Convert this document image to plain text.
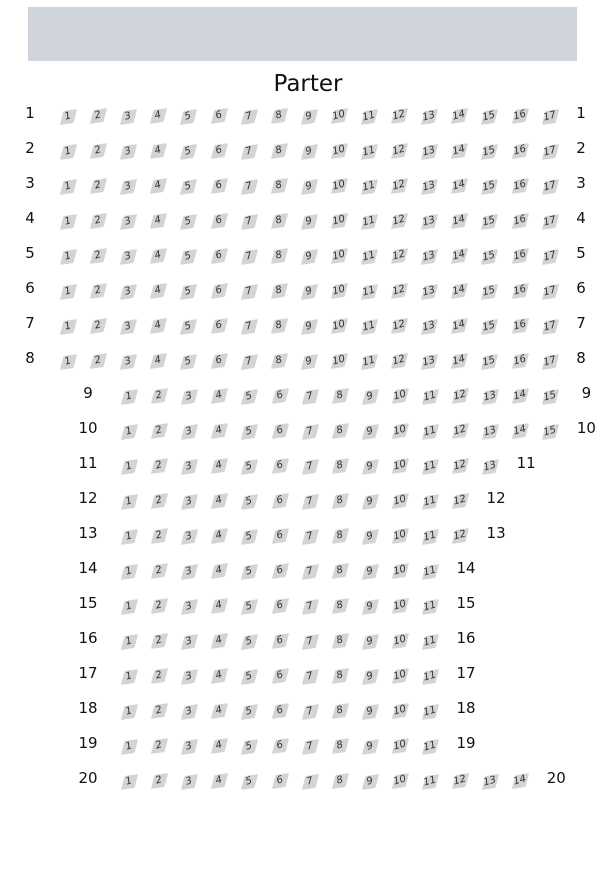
Parter
1	1	2	3	4	5	6	7	8	9	10	11	12	13	14	15	16	17	1
2	1	2	3	4	5	6	7	8	9	10	11	12	13	14	15	16	17	2
3	1	2	3	4	5	6	7	8	9	10	11	12	13	14	15	16	17	3
4	1	2	3	4	5	6	7	8	9	10	11	12	13	14	15	16	17	4
5	1	2	3	4	5	6	7	8	9	10	11	12	13	14	15	16	17	5
6	1	2	3	4	5	6	7	8	9	10	11	12	13	14	15	16	17	6
7	1	2	3	4	5	6	7	8	9	10	11	12	13	14	15	16	17	7
8	1	2	3	4	5	6	7	8	9	10	11	12	13	14	15	16	17	8
9	1	2	3	4	5	6	7	8	9	10	11	12	13	14	15	9
10	1	2	3	4	5	6	7	8	9	10	11	12	13	14	15	10
11	1	2	3	4	5	6	7	8	9	10	11	12	13	11
12	1	2	3	4	5	6	7	8	9	10	11	12	12
13	1	2	3	4	5	6	7	8	9	10	11	12	13
14	1	2	3	4	5	6	7	8	9	10	11	14
15	1	2	3	4	5	6	7	8	9	10	11	15
16	1	2	3	4	5	6	7	8	9	10	11	16
17	1	2	3	4	5	6	7	8	9	10	11	17
18	1	2	3	4	5	6	7	8	9	10	11	18
19	1	2	3	4	5	6	7	8	9	10	11	19
20	1	2	3	4	5	6	7	8	9	10	11	12	13	14	20
